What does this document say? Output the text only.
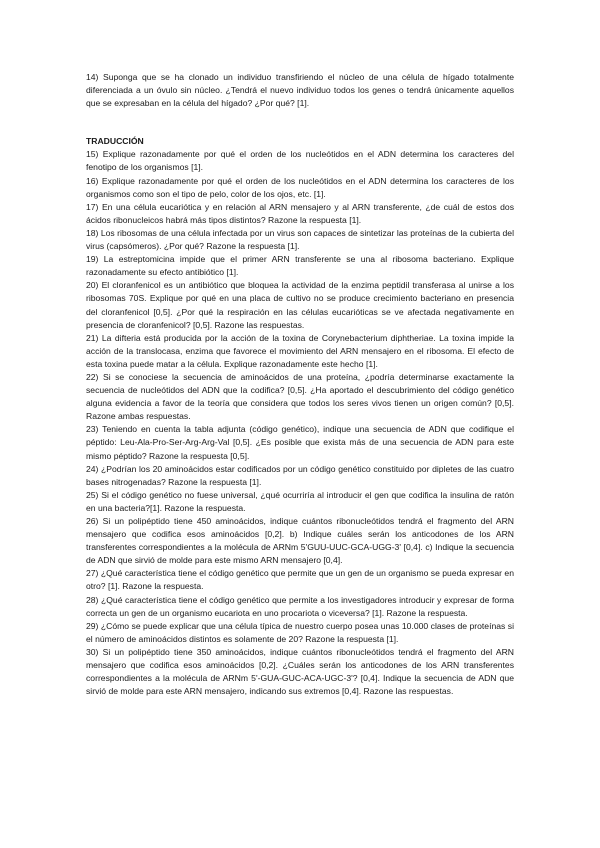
14) Suponga que se ha clonado un individuo transfiriendo el núcleo de una célula de hígado totalmente diferenciada a un óvulo sin núcleo. ¿Tendrá el nuevo individuo todos los genes o tendrá únicamente aquellos que se expresaban en la célula del hígado? ¿Por qué? [1].

TRADUCCIÓN

15) Explique razonadamente por qué el orden de los nucleótidos en el ADN determina los caracteres del fenotipo de los organismos [1].

16) Explique razonadamente por qué el orden de los nucleótidos en el ADN determina los caracteres de los organismos como son el tipo de pelo, color de los ojos, etc. [1].

17) En una célula eucariótica y en relación al ARN mensajero y al ARN transferente, ¿de cuál de estos dos ácidos ribonucleicos habrá más tipos distintos? Razone la respuesta [1].

18) Los ribosomas de una célula infectada por un virus son capaces de sintetizar las proteínas de la cubierta del virus (capsómeros). ¿Por qué? Razone la respuesta [1].

19) La estreptomicina impide que el primer ARN transferente se una al ribosoma bacteriano. Explique razonadamente su efecto antibiótico [1].

20) El cloranfenicol es un antibiótico que bloquea la actividad de la enzima peptidil transferasa al unirse a los ribosomas 70S. Explique por qué en una placa de cultivo no se produce crecimiento bacteriano en presencia del cloranfenicol [0,5]. ¿Por qué la respiración en las células eucarióticas se ve afectada negativamente en presencia de cloranfenicol? [0,5]. Razone las respuestas.

21) La difteria está producida por la acción de la toxina de Corynebacterium diphtheriae. La toxina impide la acción de la translocasa, enzima que favorece el movimiento del ARN mensajero en el ribosoma. El efecto de esta toxina puede matar a la célula. Explique razonadamente este hecho [1].

22) Si se conociese la secuencia de aminoácidos de una proteína, ¿podría determinarse exactamente la secuencia de nucleótidos del ADN que la codifica? [0,5]. ¿Ha aportado el descubrimiento del código genético alguna evidencia a favor de la teoría que considera que todos los seres vivos tienen un origen común? [0,5]. Razone ambas respuestas.

23) Teniendo en cuenta la tabla adjunta (código genético), indique una secuencia de ADN que codifique el péptido: Leu-Ala-Pro-Ser-Arg-Arg-Val [0,5]. ¿Es posible que exista más de una secuencia de ADN para este mismo péptido? Razone la respuesta [0,5].

24) ¿Podrían los 20 aminoácidos estar codificados por un código genético constituido por dipletes de las cuatro bases nitrogenadas? Razone la respuesta [1].

25) Si el código genético no fuese universal, ¿qué ocurriría al introducir el gen que codifica la insulina de ratón en una bacteria?[1]. Razone la respuesta.

26) Si un polipéptido tiene 450 aminoácidos, indique cuántos ribonucleótidos tendrá el fragmento del ARN mensajero que codifica esos aminoácidos [0,2]. b) Indique cuáles serán los anticodones de los ARN transferentes correspondientes a la molécula de ARNm 5'GUU-UUC-GCA-UGG-3' [0,4]. c) Indique la secuencia de ADN que sirvió de molde para este mismo ARN mensajero [0,4].

27) ¿Qué característica tiene el código genético que permite que un gen de un organismo se pueda expresar en otro? [1]. Razone la respuesta.

28) ¿Qué característica tiene el código genético que permite a los investigadores introducir y expresar de forma correcta un gen de un organismo eucariota en uno procariota o viceversa? [1]. Razone la respuesta.

29) ¿Cómo se puede explicar que una célula típica de nuestro cuerpo posea unas 10.000 clases de proteínas si el número de aminoácidos distintos es solamente de 20? Razone la respuesta [1].

30) Si un polipéptido tiene 350 aminoácidos, indique cuántos ribonucleótidos tendrá el fragmento del ARN mensajero que codifica esos aminoácidos [0,2]. ¿Cuáles serán los anticodones de los ARN transferentes correspondientes a la molécula de ARNm 5'-GUA-GUC-ACA-UGC-3'? [0,4]. Indique la secuencia de ADN que sirvió de molde para este ARN mensajero, indicando sus extremos [0,4]. Razone las respuestas.
